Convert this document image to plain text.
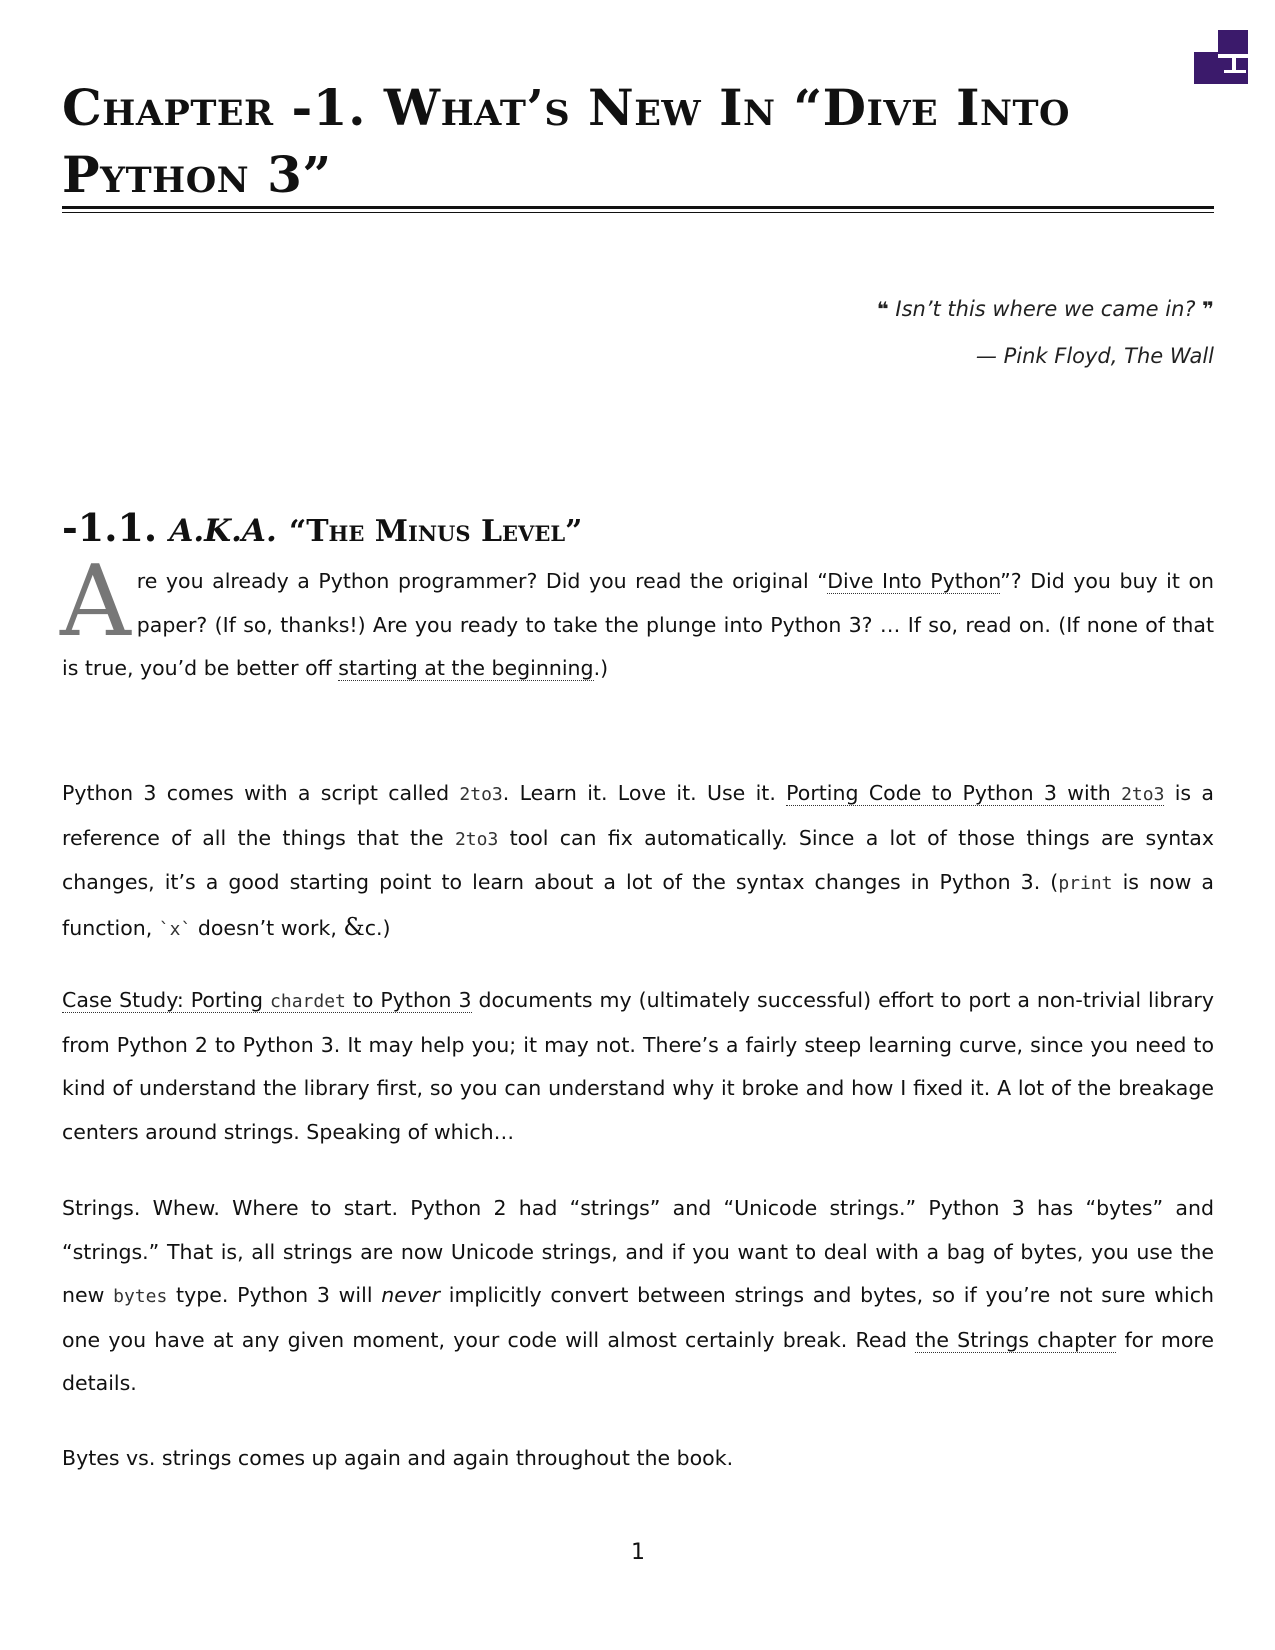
Chapter -1. What’s New In “Dive Into
Python 3”
❝ Isn’t this where we came in? ❞
— Pink Floyd, The Wall
-1.1. A.K.A. “The Minus Level”

Are you already a Python programmer? Did you read the original “Dive Into Python”? Did you buy it on paper? (If so, thanks!) Are you ready to take the plunge into Python 3? … If so, read on. (If none of that is true, you’d be better off starting at the beginning.)

Python 3 comes with a script called 2to3. Learn it. Love it. Use it. Porting Code to Python 3 with 2to3 is a reference of all the things that the 2to3 tool can fix automatically. Since a lot of those things are syntax changes, it’s a good starting point to learn about a lot of the syntax changes in Python 3. (print is now a function, `x` doesn’t work, &c.)

Case Study: Porting chardet to Python 3 documents my (ultimately successful) effort to port a non-trivial library from Python 2 to Python 3. It may help you; it may not. There’s a fairly steep learning curve, since you need to kind of understand the library first, so you can understand why it broke and how I fixed it. A lot of the breakage centers around strings. Speaking of which…

Strings. Whew. Where to start. Python 2 had “strings” and “Unicode strings.” Python 3 has “bytes” and “strings.” That is, all strings are now Unicode strings, and if you want to deal with a bag of bytes, you use the new bytes type. Python 3 will never implicitly convert between strings and bytes, so if you’re not sure which one you have at any given moment, your code will almost certainly break. Read the Strings chapter for more details.

Bytes vs. strings comes up again and again throughout the book.

1
